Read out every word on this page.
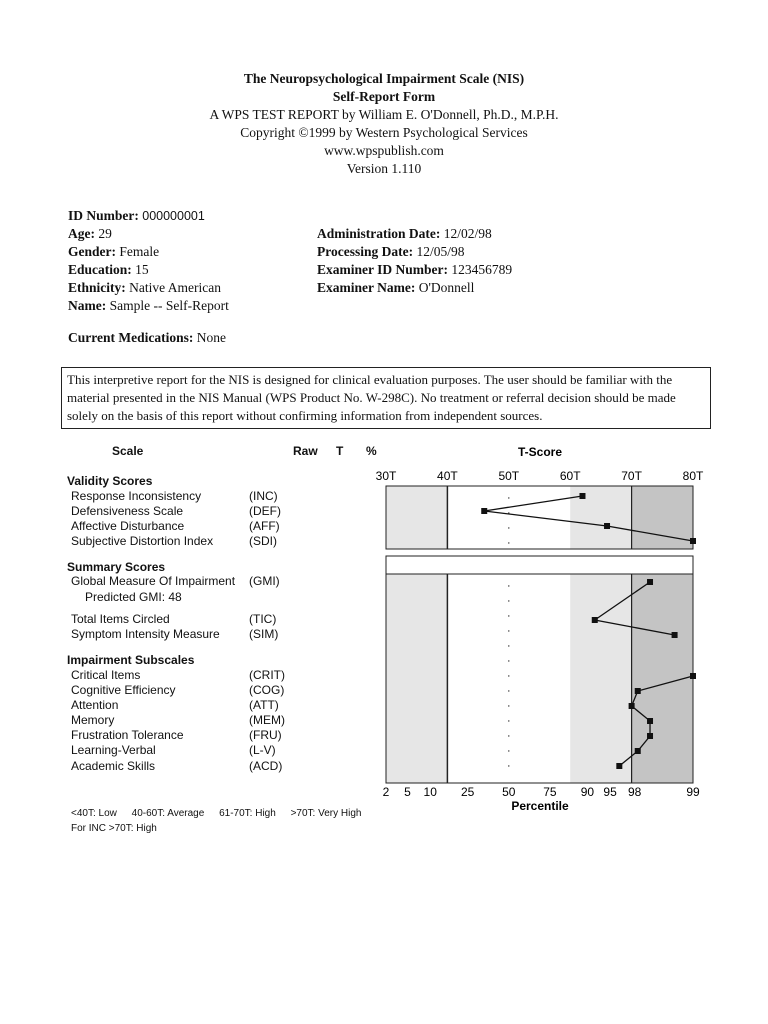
The Neuropsychological Impairment Scale (NIS)
Self-Report Form
A WPS TEST REPORT by William E. O'Donnell, Ph.D., M.P.H.
Copyright ©1999 by Western Psychological Services
www.wpspublish.com
Version 1.110
ID Number: 000000001
Age: 29
Gender: Female
Education: 15
Ethnicity: Native American
Name: Sample -- Self-Report
Administration Date: 12/02/98
Processing Date: 12/05/98
Examiner ID Number: 123456789
Examiner Name: O'Donnell
Current Medications: None
This interpretive report for the NIS is designed for clinical evaluation purposes. The user should be familiar with the material presented in the NIS Manual (WPS Product No. W-298C). No treatment or referral decision should be made solely on the basis of this report without confirming information from independent sources.
Scale	Raw T %
Validity Scores
Summary Scores
Impairment Subscales
Response Inconsistency	(INC)
Defensiveness Scale	(DEF)
Affective Disturbance	(AFF)
Subjective Distortion Index	(SDI)
Global Measure Of Impairment (GMI)
Predicted GMI: 48
Total Items Circled	(TIC)
Symptom Intensity Measure (SIM)
Critical Items	(CRIT)
Cognitive Efficiency	(COG)
Attention	(ATT)
Memory	(MEM)
Frustration Tolerance	(FRU)
Learning-Verbal	(L-V)
Academic Skills	(ACD)
T-Score
Percentile
30T	40T	50T	60T	70T	80T
2 5 10 25 50 75 90 95 98	99
<40T: Low 40-60T: Average 61-70T: High >70T: Very High
For INC >70T: High
